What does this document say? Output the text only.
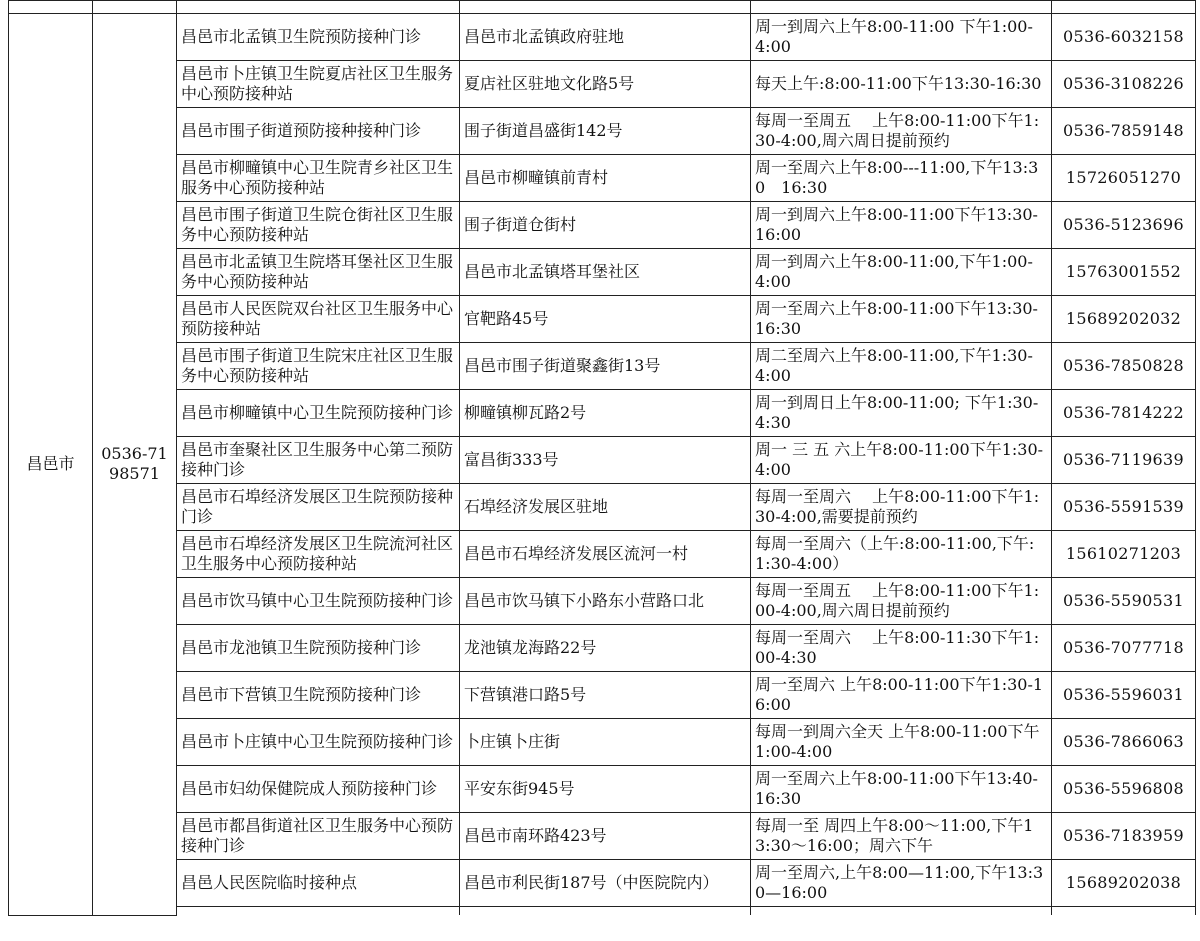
昌邑市	0536-7198571	昌邑市北孟镇卫生院预防接种门诊	昌邑市北孟镇政府驻地	周一到周六上午8:00-11:00 下午1:00-4:00	0536-6032158
		昌邑市卜庄镇卫生院夏店社区卫生服务中心预防接种站	夏店社区驻地文化路5号	每天上午:8:00-11:00下午13:30-16:30	0536-3108226
		昌邑市围子街道预防接种接种门诊	围子街道昌盛街142号	每周一至周五　 上午8:00-11:00下午1:30-4:00,周六周日提前预约	0536-7859148
		昌邑市柳疃镇中心卫生院青乡社区卫生服务中心预防接种站	昌邑市柳疃镇前青村	周一至周六上午8:00---11:00,下午13:30　16:30	15726051270
		昌邑市围子街道卫生院仓街社区卫生服务中心预防接种站	围子街道仓街村	周一到周六上午8:00-11:00下午13:30-16:00	0536-5123696
		昌邑市北孟镇卫生院塔耳堡社区卫生服务中心预防接种站	昌邑市北孟镇塔耳堡社区	周一到周六上午8:00-11:00,下午1:00-4:00	15763001552
		昌邑市人民医院双台社区卫生服务中心预防接种站	官靶路45号	周一至周六上午8:00-11:00下午13:30-16:30	15689202032
		昌邑市围子街道卫生院宋庄社区卫生服务中心预防接种站	昌邑市围子街道聚鑫街13号	周二至周六上午8:00-11:00,下午1:30-4:00	0536-7850828
		昌邑市柳疃镇中心卫生院预防接种门诊	柳疃镇柳瓦路2号	周一到周日上午8:00-11:00; 下午1:30-4:30	0536-7814222
		昌邑市奎聚社区卫生服务中心第二预防接种门诊	富昌街333号	周一 三 五 六上午8:00-11:00下午1:30-4:00	0536-7119639
		昌邑市石埠经济发展区卫生院预防接种门诊	石埠经济发展区驻地	每周一至周六　 上午8:00-11:00下午1:30-4:00,需要提前预约	0536-5591539
		昌邑市石埠经济发展区卫生院流河社区卫生服务中心预防接种站	昌邑市石埠经济发展区流河一村	每周一至周六（上午:8:00-11:00,下午:1:30-4:00）	15610271203
		昌邑市饮马镇中心卫生院预防接种门诊	昌邑市饮马镇下小路东小营路口北	每周一至周五　 上午8:00-11:00下午1:00-4:00,周六周日提前预约	0536-5590531
		昌邑市龙池镇卫生院预防接种门诊	龙池镇龙海路22号	每周一至周六　 上午8:00-11:30下午1:00-4:30	0536-7077718
		昌邑市下营镇卫生院预防接种门诊	下营镇港口路5号	周一至周六 上午8:00-11:00下午1:30-16:00	0536-5596031
		昌邑市卜庄镇中心卫生院预防接种门诊	卜庄镇卜庄街	每周一到周六全天 上午8:00-11:00下午1:00-4:00	0536-7866063
		昌邑市妇幼保健院成人预防接种门诊	平安东街945号	周一至周六上午8:00-11:00下午13:40-16:30	0536-5596808
		昌邑市都昌街道社区卫生服务中心预防接种门诊	昌邑市南环路423号	每周一至 周四上午8:00～11:00,下午13:30～16:00；周六下午	0536-7183959
		昌邑人民医院临时接种点	昌邑市利民街187号（中医院院内）	周一至周六,上午8:00—11:00,下午13:30—16:00	15689202038
